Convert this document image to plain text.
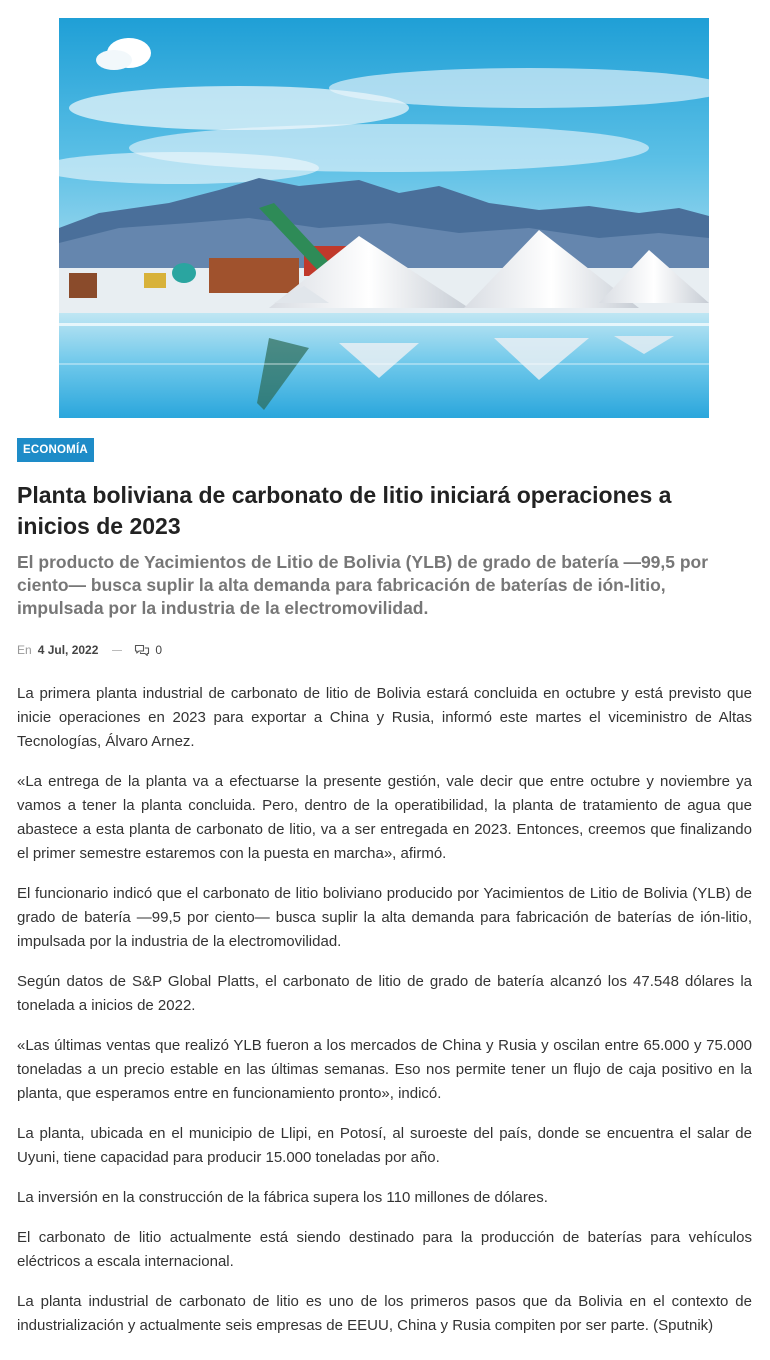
ECONOMÍA
Planta boliviana de carbonato de litio iniciará operaciones a inicios de 2023
El producto de Yacimientos de Litio de Bolivia (YLB) de grado de batería —99,5 por ciento— busca suplir la alta demanda para fabricación de baterías de ión-litio, impulsada por la industria de la electromovilidad.
En 4 Jul, 2022	0

La primera planta industrial de carbonato de litio de Bolivia estará concluida en octubre y está previsto que inicie operaciones en 2023 para exportar a China y Rusia, informó este martes el viceministro de Altas Tecnologías, Álvaro Arnez.

«La entrega de la planta va a efectuarse la presente gestión, vale decir que entre octubre y noviembre ya vamos a tener la planta concluida. Pero, dentro de la operatibilidad, la planta de tratamiento de agua que abastece a esta planta de carbonato de litio, va a ser entregada en 2023. Entonces, creemos que finalizando el primer semestre estaremos con la puesta en marcha», afirmó.

El funcionario indicó que el carbonato de litio boliviano producido por Yacimientos de Litio de Bolivia (YLB) de grado de batería —99,5 por ciento— busca suplir la alta demanda para fabricación de baterías de ión-litio, impulsada por la industria de la electromovilidad.

Según datos de S&P Global Platts, el carbonato de litio de grado de batería alcanzó los 47.548 dólares la tonelada a inicios de 2022.

«Las últimas ventas que realizó YLB fueron a los mercados de China y Rusia y oscilan entre 65.000 y 75.000 toneladas a un precio estable en las últimas semanas. Eso nos permite tener un flujo de caja positivo en la planta, que esperamos entre en funcionamiento pronto», indicó.

La planta, ubicada en el municipio de Llipi, en Potosí, al suroeste del país, donde se encuentra el salar de Uyuni, tiene capacidad para producir 15.000 toneladas por año.

La inversión en la construcción de la fábrica supera los 110 millones de dólares.

El carbonato de litio actualmente está siendo destinado para la producción de baterías para vehículos eléctricos a escala internacional.

La planta industrial de carbonato de litio es uno de los primeros pasos que da Bolivia en el contexto de industrialización y actualmente seis empresas de EEUU, China y Rusia compiten por ser parte. (Sputnik)
